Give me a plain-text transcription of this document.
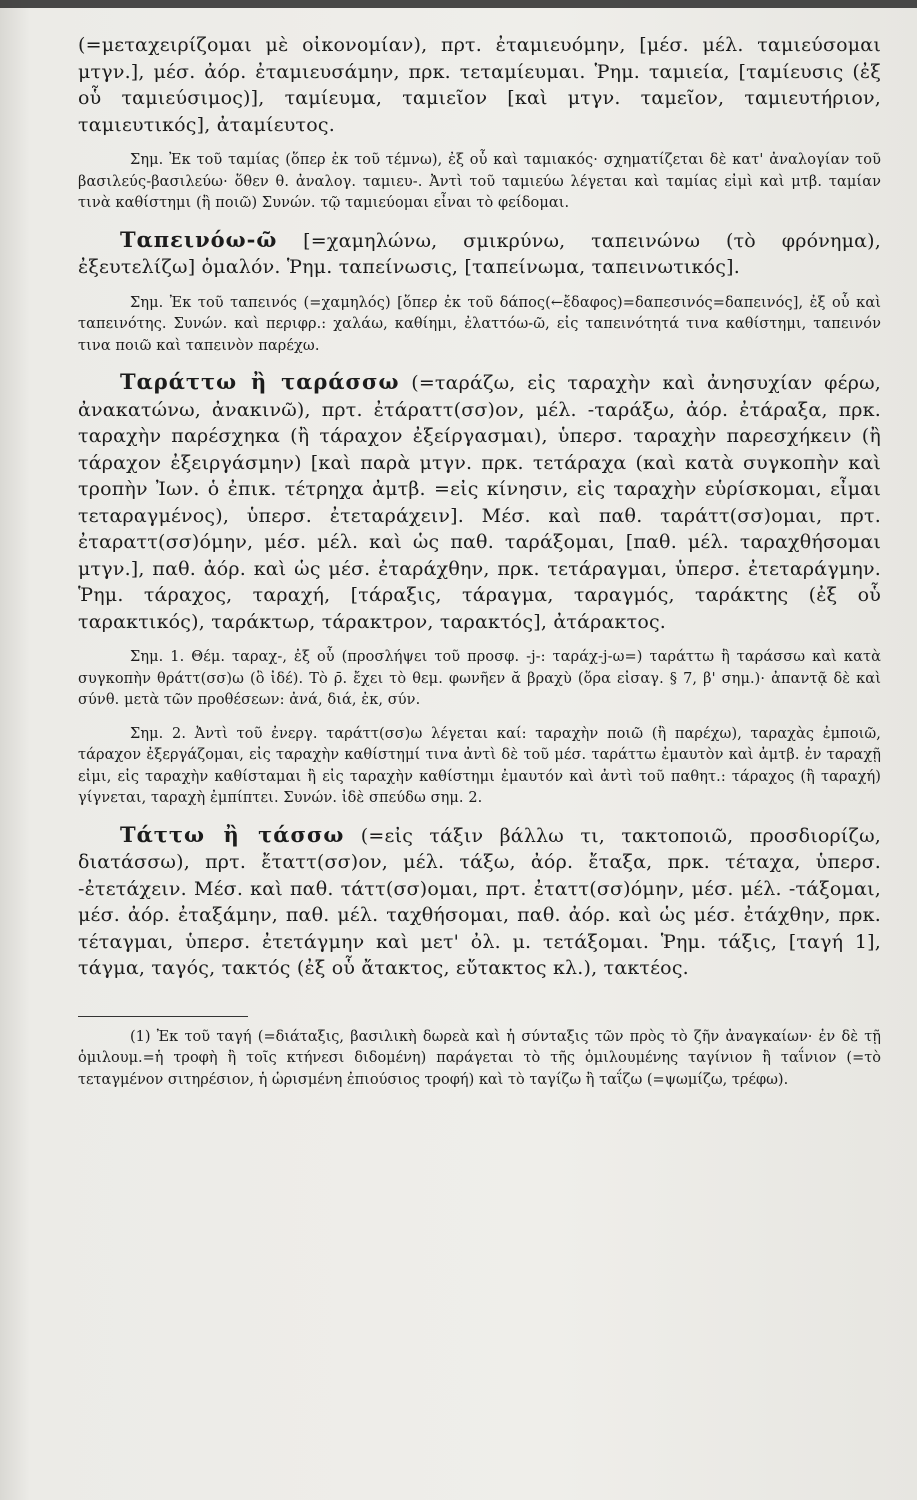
(=μεταχειρίζομαι μὲ οἰκονομίαν), πρτ. ἐταμιευόμην, [μέσ. μέλ. ταμιεύσομαι μτγν.], μέσ. ἀόρ. ἐταμιευσάμην, πρκ. τεταμίευμαι. Ῥημ. ταμιεία, [ταμίευσις (ἐξ οὗ ταμιεύσιμος)], ταμίευμα, ταμιεῖον [καὶ μτγν. ταμεῖον, ταμιευτήριον, ταμιευτικός], ἀταμίευτος.

Σημ. Ἐκ τοῦ ταμίας (ὅπερ ἐκ τοῦ τέμνω), ἐξ οὗ καὶ ταμιακός· σχηματίζεται δὲ κατ' ἀναλογίαν τοῦ βασιλεύς-βασιλεύω· ὅθεν θ. ἀναλογ. ταμιευ-. Ἀντὶ τοῦ ταμιεύω λέγεται καὶ ταμίας εἰμὶ καὶ μτβ. ταμίαν τινὰ καθίστημι (ἢ ποιῶ) Συνών. τῷ ταμιεύομαι εἶναι τὸ φείδομαι.

Ταπεινόω-ῶ [=χαμηλώνω, σμικρύνω, ταπεινώνω (τὸ φρόνημα), ἐξευτελίζω] ὁμαλόν. Ῥημ. ταπείνωσις, [ταπείνωμα, ταπεινωτικός].

Σημ. Ἐκ τοῦ ταπεινός (=χαμηλός) [ὅπερ ἐκ τοῦ δάπος(←ἔδαφος)=δαπεσινός=δαπεινός], ἐξ οὗ καὶ ταπεινότης. Συνών. καὶ περιφρ.: χαλάω, καθίημι, ἐλαττόω-ῶ, εἰς ταπεινότητά τινα καθίστημι, ταπεινόν τινα ποιῶ καὶ ταπεινὸν παρέχω.

Ταράττω ἢ ταράσσω (=ταράζω, εἰς ταραχὴν καὶ ἀνησυχίαν φέρω, ἀνακατώνω, ἀνακινῶ), πρτ. ἐτάραττ(σσ)ον, μέλ. -ταράξω, ἀόρ. ἐτάραξα, πρκ. ταραχὴν παρέσχηκα (ἢ τάραχον ἐξείργασμαι), ὑπερσ. ταραχὴν παρεσχήκειν (ἢ τάραχον ἐξειργάσμην) [καὶ παρὰ μτγν. πρκ. τετάραχα (καὶ κατὰ συγκοπὴν καὶ τροπὴν Ἰων. ὁ ἐπικ. τέτρηχα ἀμτβ. =εἰς κίνησιν, εἰς ταραχὴν εὑρίσκομαι, εἶμαι τεταραγμένος), ὑπερσ. ἐτεταράχειν]. Μέσ. καὶ παθ. ταράττ(σσ)ομαι, πρτ. ἐταραττ(σσ)όμην, μέσ. μέλ. καὶ ὡς παθ. ταράξομαι, [παθ. μέλ. ταραχθήσομαι μτγν.], παθ. ἀόρ. καὶ ὡς μέσ. ἐταράχθην, πρκ. τετάραγμαι, ὑπερσ. ἐτεταράγμην. Ῥημ. τάραχος, ταραχή, [τάραξις, τάραγμα, ταραγμός, ταράκτης (ἐξ οὗ ταρακτικός), ταράκτωρ, τάρακτρον, ταρακτός], ἀτάρακτος.

Σημ. 1. Θέμ. ταραχ-, ἐξ οὗ (προσλήψει τοῦ προσφ. -j-: ταράχ-j-ω=) ταράττω ἢ ταράσσω καὶ κατὰ συγκοπὴν θράττ(σσ)ω (ὃ ἰδέ). Τὸ ρ̄. ἔχει τὸ θεμ. φωνῆεν ᾰ βραχὺ (ὅρα εἰσαγ. § 7, β' σημ.)· ἀπαντᾷ δὲ καὶ σύνθ. μετὰ τῶν προθέσεων: ἀνά, διά, ἐκ, σύν.

Σημ. 2. Ἀντὶ τοῦ ἐνεργ. ταράττ(σσ)ω λέγεται καί: ταραχὴν ποιῶ (ἢ παρέχω), ταραχὰς ἐμποιῶ, τάραχον ἐξεργάζομαι, εἰς ταραχὴν καθίστημί τινα ἀντὶ δὲ τοῦ μέσ. ταράττω ἐμαυτὸν καὶ ἀμτβ. ἐν ταραχῇ εἰμι, εἰς ταραχὴν καθίσταμαι ἢ εἰς ταραχὴν καθίστημι ἐμαυτόν καὶ ἀντὶ τοῦ παθητ.: τάραχος (ἢ ταραχή) γίγνεται, ταραχὴ ἐμπίπτει. Συνών. ἰδὲ σπεύδω σημ. 2.

Τάττω ἢ τάσσω (=εἰς τάξιν βάλλω τι, τακτοποιῶ, προσδιορίζω, διατάσσω), πρτ. ἔταττ(σσ)ον, μέλ. τάξω, ἀόρ. ἔταξα, πρκ. τέταχα, ὑπερσ. -ἐτετάχειν. Μέσ. καὶ παθ. τάττ(σσ)ομαι, πρτ. ἐταττ(σσ)όμην, μέσ. μέλ. -τάξομαι, μέσ. ἀόρ. ἐταξάμην, παθ. μέλ. ταχθήσομαι, παθ. ἀόρ. καὶ ὡς μέσ. ἐτάχθην, πρκ. τέταγμαι, ὑπερσ. ἐτετάγμην καὶ μετ' ὀλ. μ. τετάξομαι. Ῥημ. τάξις, [ταγή 1], τάγμα, ταγός, τακτός (ἐξ οὗ ἄτακτος, εὔτακτος κλ.), τακτέος.

(1) Ἐκ τοῦ ταγή (=διάταξις, βασιλικὴ δωρεὰ καὶ ἡ σύνταξις τῶν πρὸς τὸ ζῆν ἀναγκαίων· ἐν δὲ τῇ ὁμιλουμ.=ἡ τροφὴ ἢ τοῖς κτήνεσι διδομένη) παράγεται τὸ τῆς ὁμιλουμένης ταγίνιον ἢ ταΐνιον (=τὸ τεταγμένον σιτηρέσιον, ἡ ὡρισμένη ἐπιούσιος τροφή) καὶ τὸ ταγίζω ἢ ταΐζω (=ψωμίζω, τρέφω).
